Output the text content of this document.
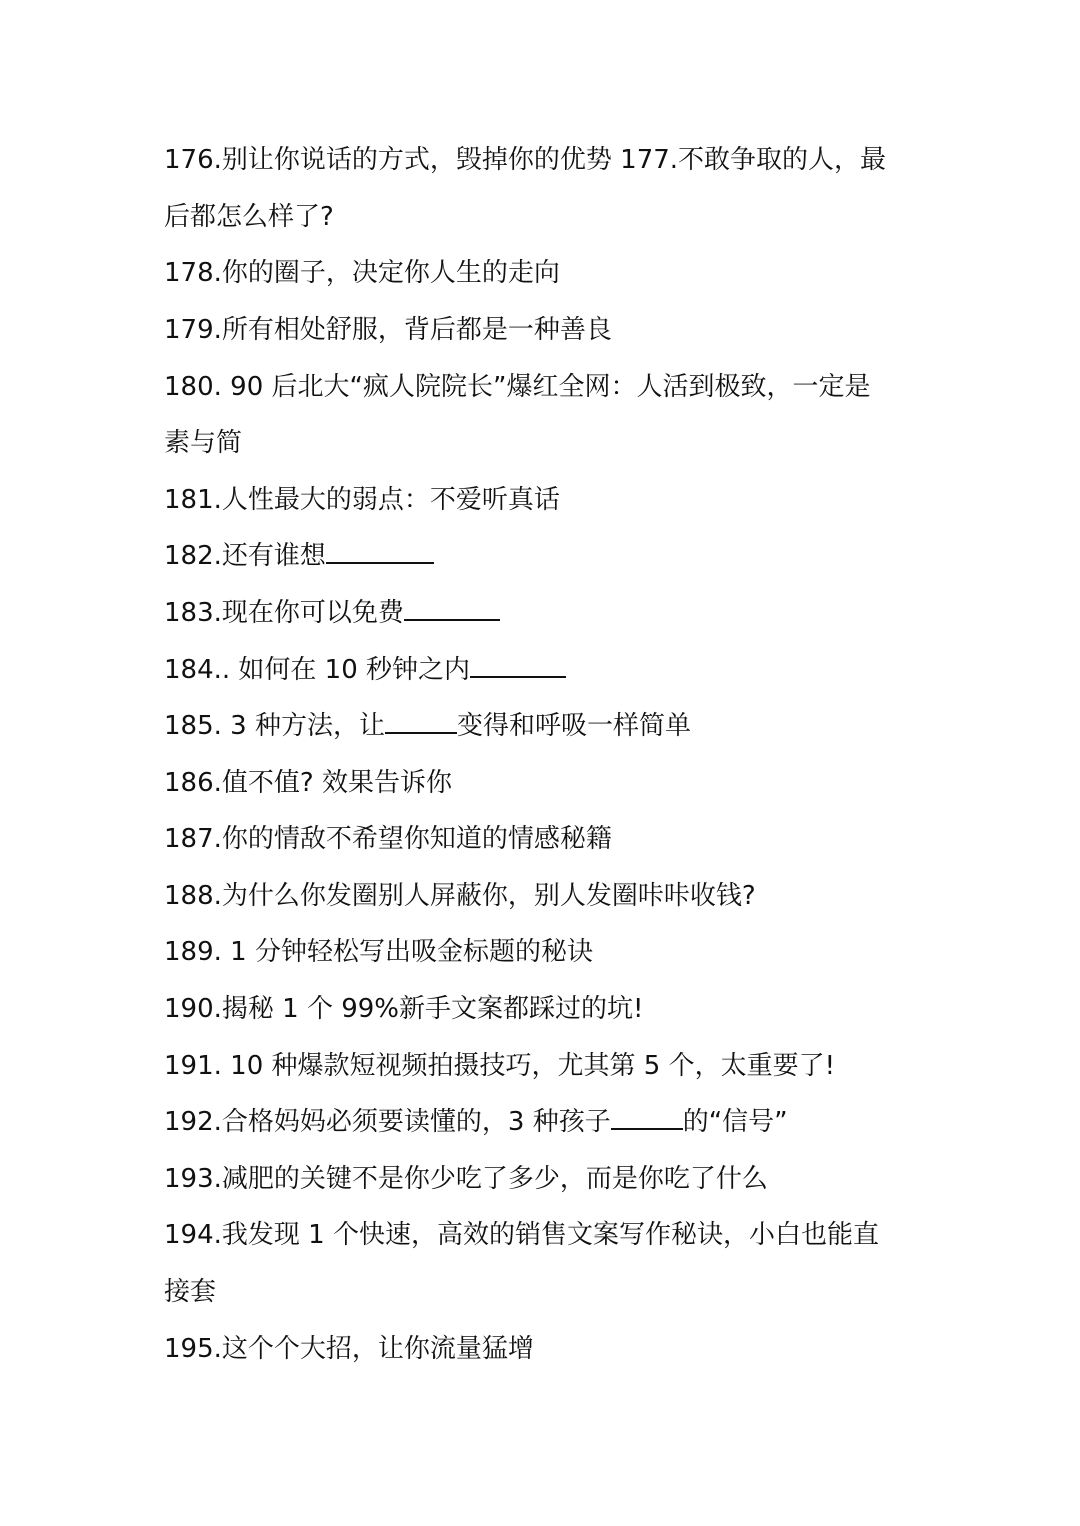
176.别让你说话的方式，毁掉你的优势 177.不敢争取的人，最
后都怎么样了?
178.你的圈子，决定你人生的走向
179.所有相处舒服，背后都是一种善良
180. 90 后北大“疯人院院长”爆红全网：人活到极致，一定是
素与简
181.人性最大的弱点：不爱听真话
182.还有谁想
183.现在你可以免费
184.. 如何在 10 秒钟之内
185. 3 种方法，让	变得和呼吸一样简单
186.值不值? 效果告诉你
187.你的情敌不希望你知道的情感秘籍
188.为什么你发圈别人屏蔽你，别人发圈咔咔收钱?
189. 1 分钟轻松写出吸金标题的秘诀
190.揭秘 1 个 99%新手文案都踩过的坑!
191. 10 种爆款短视频拍摄技巧，尤其第 5 个，太重要了!
192.合格妈妈必须要读懂的，3 种孩子	的“信号”
193.减肥的关键不是你少吃了多少，而是你吃了什么
194.我发现 1 个快速，高效的销售文案写作秘诀，小白也能直
接套
195.这个个大招，让你流量猛增
